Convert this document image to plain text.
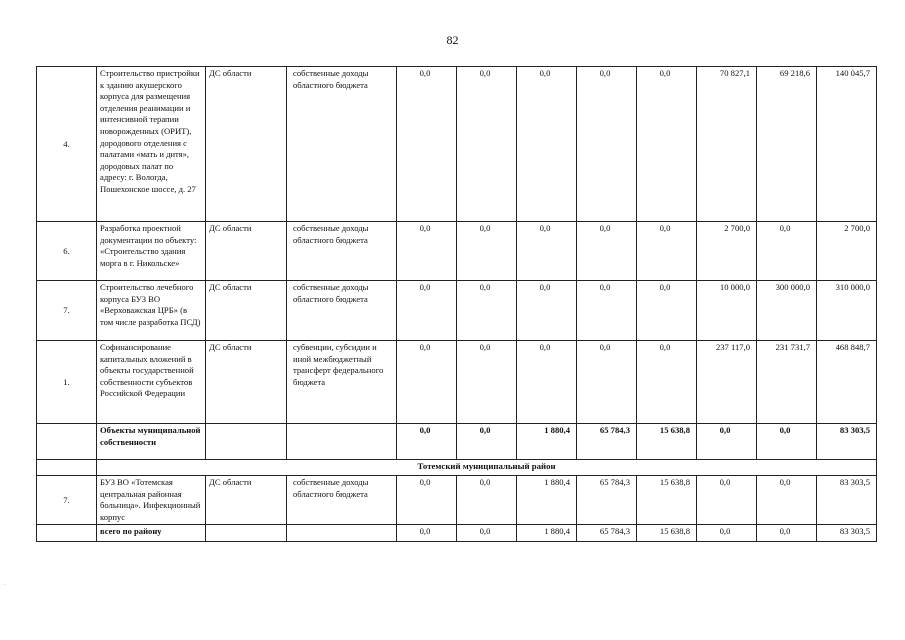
82
4.	Строительство пристройки к зданию акушерского корпуса для размещения отделения реанимации и интенсивной терапии новорожденных (ОРИТ), дородового отделения с палатами «мать и дитя», дородовых палат по адресу: г. Вологда, Пошехонское шоссе, д. 27	ДС области	собственные доходы областного бюджета	0,0	0,0	0,0	0,0	0,0	70 827,1	69 218,6	140 045,7
6.	Разработка проектной документации по объекту: «Строительство здания морга в г. Никольске»	ДС области	собственные доходы областного бюджета	0,0	0,0	0,0	0,0	0,0	2 700,0	0,0	2 700,0
7.	Строительство лечебного корпуса БУЗ ВО «Верховажская ЦРБ» (в том числе разработка ПСД)	ДС области	собственные доходы областного бюджета	0,0	0,0	0,0	0,0	0,0	10 000,0	300 000,0	310 000,0
1.	Софинансирование капитальных вложений в объекты государственной собственности субъектов Российской Федерации	ДС области	субвенции, субсидии и иной межбюджетный трансферт федерального бюджета	0,0	0,0	0,0	0,0	0,0	237 117,0	231 731,7	468 848,7
	Объекты муниципальной собственности			0,0	0,0	1 880,4	65 784,3	15 638,8	0,0	0,0	83 303,5
	Тотемский муниципальный район										
7.	БУЗ ВО «Тотемская центральная районная больница». Инфекционный корпус	ДС области	собственные доходы областного бюджета	0,0	0,0	1 880,4	65 784,3	15 638,8	0,0	0,0	83 303,5
	всего по району			0,0	0,0	1 880,4	65 784,3	15 638,8	0,0	0,0	83 303,5
.
